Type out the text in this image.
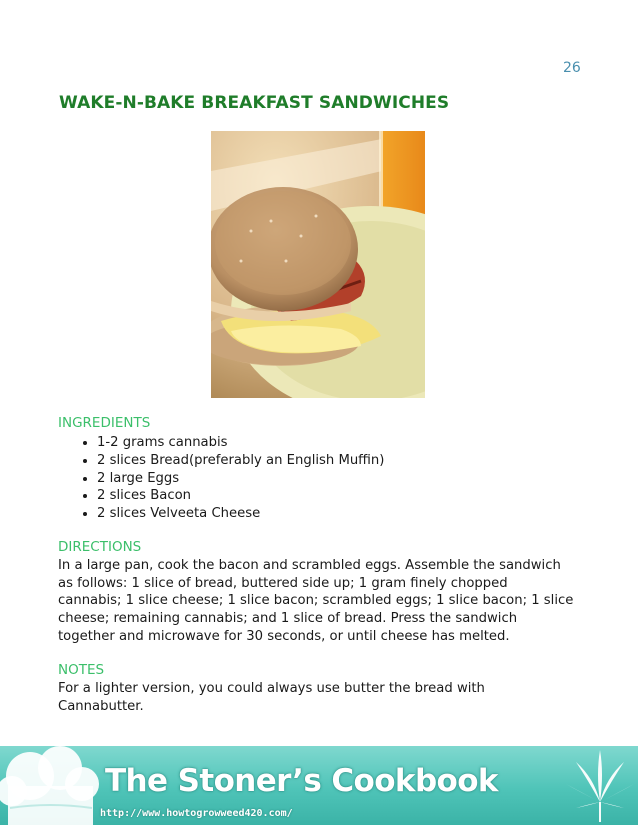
26
WAKE-N-BAKE BREAKFAST SANDWICHES
INGREDIENTS
• 1-2 grams cannabis
• 2 slices Bread(preferably an English Muffin)
• 2 large Eggs
• 2 slices Bacon
• 2 slices Velveeta Cheese
DIRECTIONS

In a large pan, cook the bacon and scrambled eggs. Assemble the sandwich as follows: 1 slice of bread, buttered side up; 1 gram finely chopped cannabis; 1 slice cheese; 1 slice bacon; scrambled eggs; 1 slice bacon; 1 slice cheese; remaining cannabis; and 1 slice of bread. Press the sandwich together and microwave for 30 seconds, or until cheese has melted.

NOTES

For a lighter version, you could always use butter the bread with Cannabutter.

The Stoner’s Cookbook
http://www.howtogrowweed420.com/
